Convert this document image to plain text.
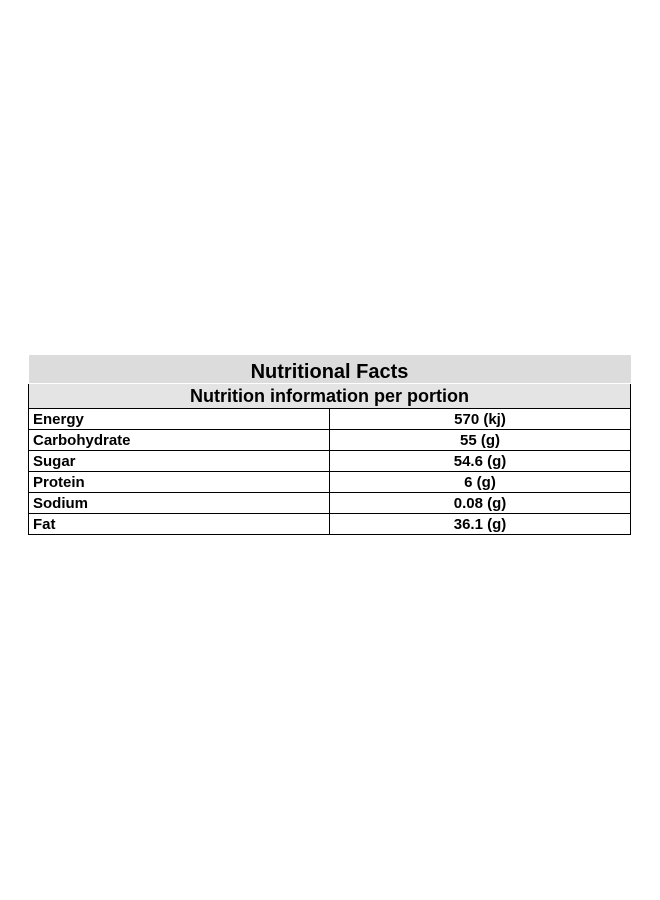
Nutritional Facts	
Nutrition information per portion	
Energy	570 (kj)
Carbohydrate	55 (g)
Sugar	54.6 (g)
Protein	6 (g)
Sodium	0.08 (g)
Fat	36.1 (g)
